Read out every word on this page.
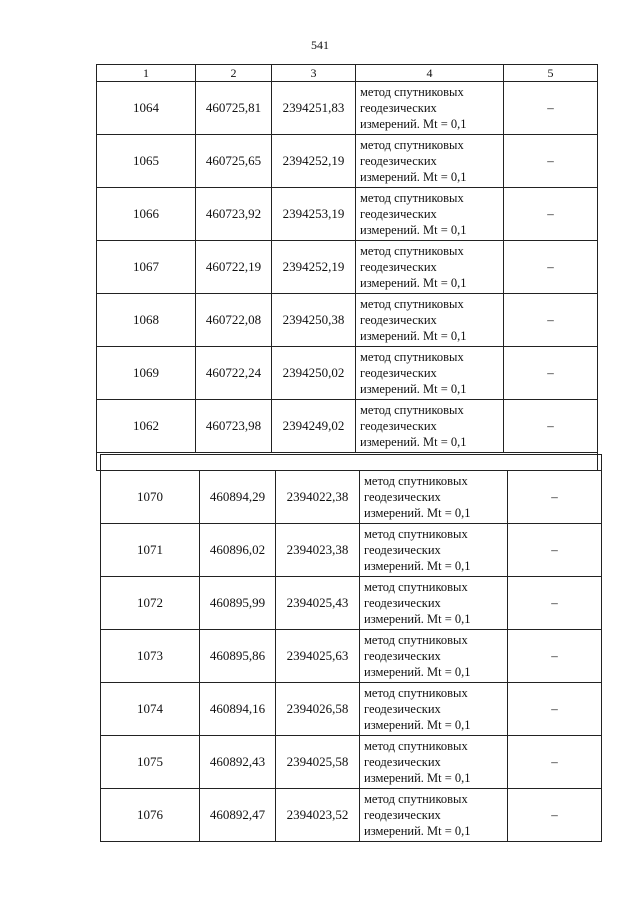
541
1	2	3	4	5
1064	460725,81	2394251,83	метод спутниковых
геодезических
измерений. Mt = 0,1	–
1065	460725,65	2394252,19	метод спутниковых
геодезических
измерений. Mt = 0,1	–
1066	460723,92	2394253,19	метод спутниковых
геодезических
измерений. Mt = 0,1	–
1067	460722,19	2394252,19	метод спутниковых
геодезических
измерений. Mt = 0,1	–
1068	460722,08	2394250,38	метод спутниковых
геодезических
измерений. Mt = 0,1	–
1069	460722,24	2394250,02	метод спутниковых
геодезических
измерений. Mt = 0,1	–
1062	460723,98	2394249,02	метод спутниковых
геодезических
измерений. Mt = 0,1	–

1070	460894,29	2394022,38	метод спутниковых
геодезических
измерений. Mt = 0,1	–
1071	460896,02	2394023,38	метод спутниковых
геодезических
измерений. Mt = 0,1	–
1072	460895,99	2394025,43	метод спутниковых
геодезических
измерений. Mt = 0,1	–
1073	460895,86	2394025,63	метод спутниковых
геодезических
измерений. Mt = 0,1	–
1074	460894,16	2394026,58	метод спутниковых
геодезических
измерений. Mt = 0,1	–
1075	460892,43	2394025,58	метод спутниковых
геодезических
измерений. Mt = 0,1	–
1076	460892,47	2394023,52	метод спутниковых
геодезических
измерений. Mt = 0,1	–
